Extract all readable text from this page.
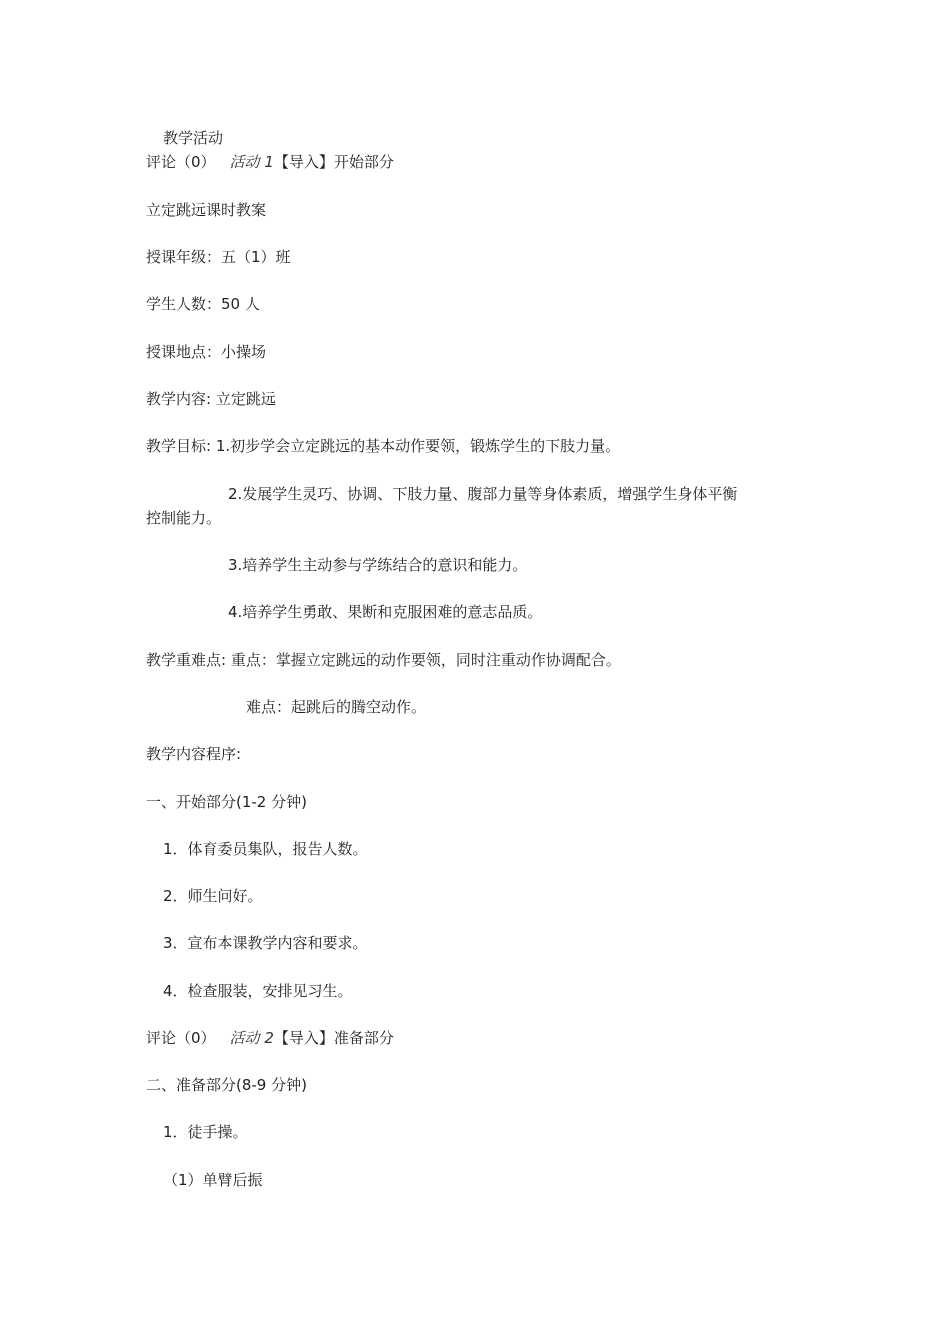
教学活动
评论（0） 活动 1【导入】开始部分
立定跳远课时教案
授课年级：五（1）班
学生人数：50 人
授课地点：小操场
教学内容: 立定跳远
教学目标: 1.初步学会立定跳远的基本动作要领，锻炼学生的下肢力量。
2.发展学生灵巧、协调、下肢力量、腹部力量等身体素质，增强学生身体平衡
控制能力。
3.培养学生主动参与学练结合的意识和能力。
4.培养学生勇敢、果断和克服困难的意志品质。
教学重难点: 重点：掌握立定跳远的动作要领，同时注重动作协调配合。
难点：起跳后的腾空动作。
教学内容程序:
一、开始部分(1-2 分钟)
1．体育委员集队，报告人数。
2．师生问好。
3．宣布本课教学内容和要求。
4．检查服装，安排见习生。
评论（0） 活动 2【导入】准备部分
二、准备部分(8-9 分钟)
1．徒手操。
（1）单臂后振
